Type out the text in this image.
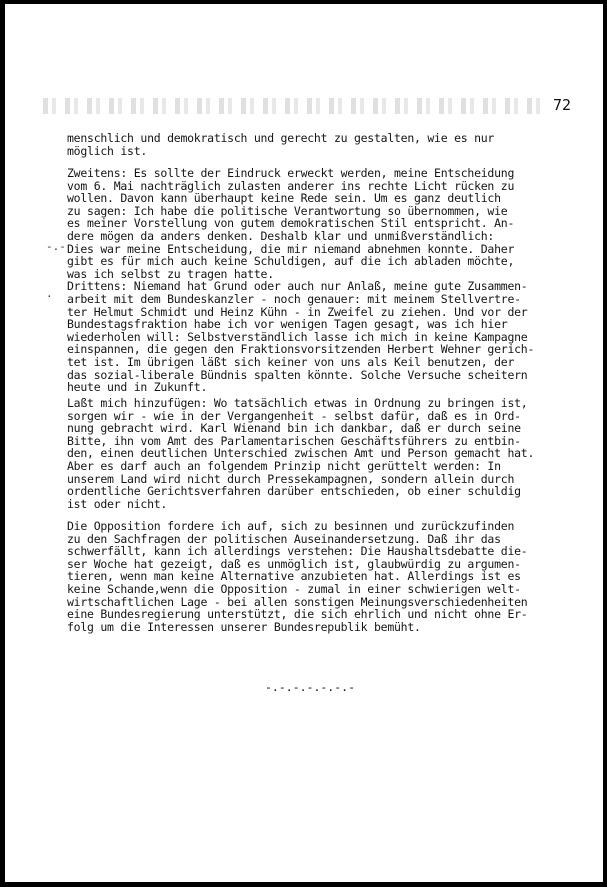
72
-.-
.

menschlich und demokratisch und gerecht zu gestalten, wie es nur
möglich ist.

Zweitens: Es sollte der Eindruck erweckt werden, meine Entscheidung
vom 6. Mai nachträglich zulasten anderer ins rechte Licht rücken zu
wollen. Davon kann überhaupt keine Rede sein. Um es ganz deutlich
zu sagen: Ich habe die politische Verantwortung so übernommen, wie
es meiner Vorstellung von gutem demokratischen Stil entspricht. An-
dere mögen da anders denken. Deshalb klar und unmißverständlich:
Dies war meine Entscheidung, die mir niemand abnehmen konnte. Daher
gibt es für mich auch keine Schuldigen, auf die ich abladen möchte,
was ich selbst zu tragen hatte.
Drittens: Niemand hat Grund oder auch nur Anlaß, meine gute Zusammen-
arbeit mit dem Bundeskanzler - noch genauer: mit meinem Stellvertre-
ter Helmut Schmidt und Heinz Kühn - in Zweifel zu ziehen. Und vor der
Bundestagsfraktion habe ich vor wenigen Tagen gesagt, was ich hier
wiederholen will: Selbstverständlich lasse ich mich in keine Kampagne
einspannen, die gegen den Fraktionsvorsitzenden Herbert Wehner gerich-
tet ist. Im übrigen läßt sich keiner von uns als Keil benutzen, der
das sozial-liberale Bündnis spalten könnte. Solche Versuche scheitern
heute und in Zukunft.

Laßt mich hinzufügen: Wo tatsächlich etwas in Ordnung zu bringen ist,
sorgen wir - wie in der Vergangenheit - selbst dafür, daß es in Ord-
nung gebracht wird. Karl Wienand bin ich dankbar, daß er durch seine
Bitte, ihn vom Amt des Parlamentarischen Geschäftsführers zu entbin-
den, einen deutlichen Unterschied zwischen Amt und Person gemacht hat.
Aber es darf auch an folgendem Prinzip nicht gerüttelt werden: In
unserem Land wird nicht durch Pressekampagnen, sondern allein durch
ordentliche Gerichtsverfahren darüber entschieden, ob einer schuldig
ist oder nicht.

Die Opposition fordere ich auf, sich zu besinnen und zurückzufinden
zu den Sachfragen der politischen Auseinandersetzung. Daß ihr das
schwerfällt, kann ich allerdings verstehen: Die Haushaltsdebatte die-
ser Woche hat gezeigt, daß es unmöglich ist, glaubwürdig zu argumen-
tieren, wenn man keine Alternative anzubieten hat. Allerdings ist es
keine Schande,wenn die Opposition - zumal in einer schwierigen welt-
wirtschaftlichen Lage - bei allen sonstigen Meinungsverschiedenheiten
eine Bundesregierung unterstützt, die sich ehrlich und nicht ohne Er-
folg um die Interessen unserer Bundesrepublik bemüht.

-.-.-.-.-.-.-
